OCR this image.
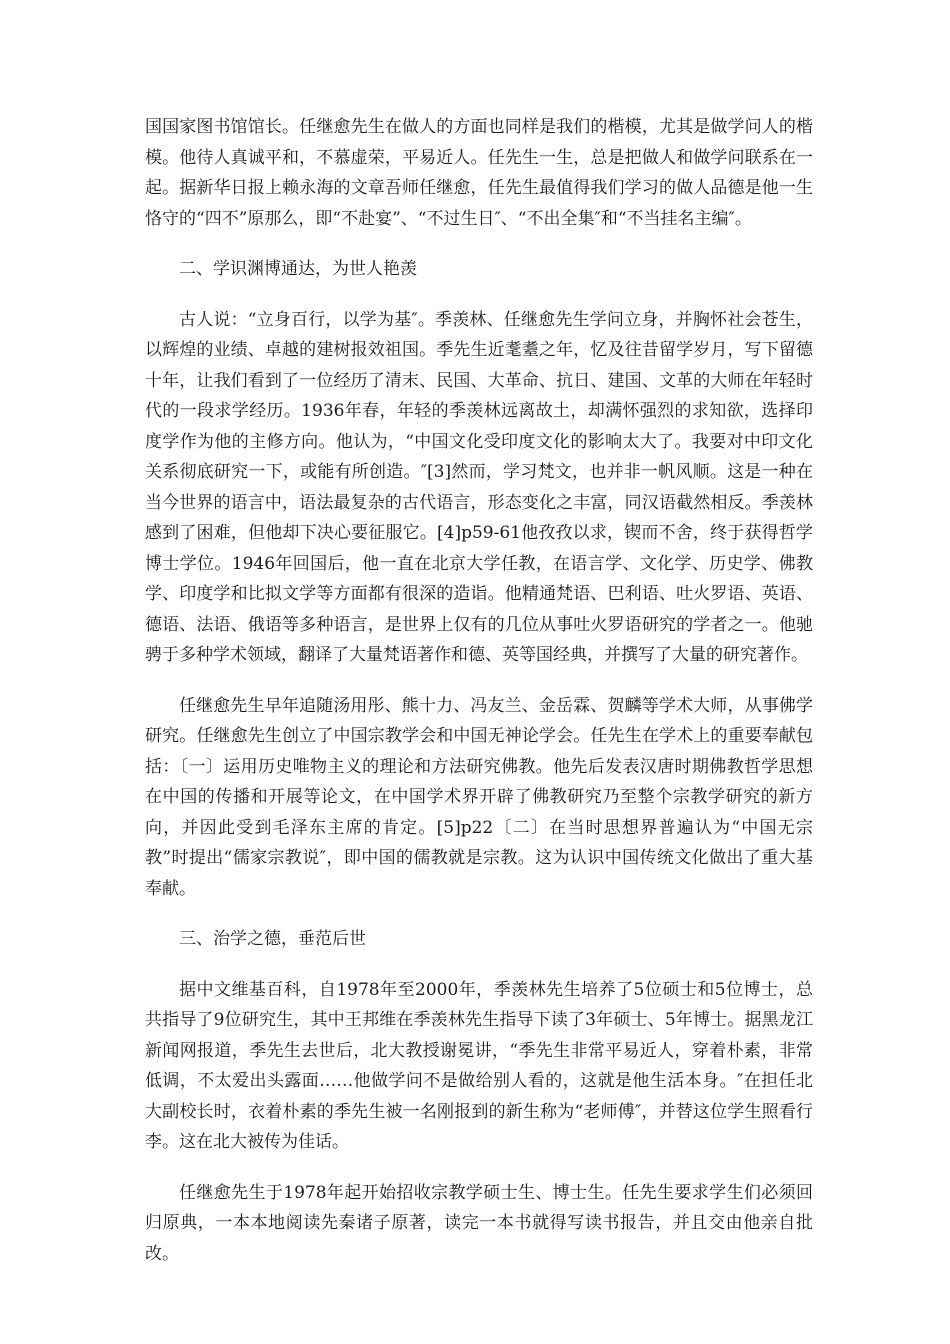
国国家图书馆馆长。任继愈先生在做人的方面也同样是我们的楷模，尤其是做学问人的楷模。他待人真诚平和，不慕虚荣，平易近人。任先生一生，总是把做人和做学问联系在一起。据新华日报上赖永海的文章吾师任继愈，任先生最值得我们学习的做人品德是他一生恪守的“四不”原那么，即“不赴宴”、“不过生日″、“不出全集″和“不当挂名主编″。

二、学识渊博通达，为世人艳羡

古人说：“立身百行，以学为基″。季羡林、任继愈先生学问立身，并胸怀社会苍生，以辉煌的业绩、卓越的建树报效祖国。季先生近耄耋之年，忆及往昔留学岁月，写下留德十年，让我们看到了一位经历了清末、民国、大革命、抗日、建国、文革的大师在年轻时代的一段求学经历。1936年春，年轻的季羡林远离故土，却满怀强烈的求知欲，选择印度学作为他的主修方向。他认为，“中国文化受印度文化的影响太大了。我要对中印文化关系彻底研究一下，或能有所创造。″[3]然而，学习梵文，也并非一帆风顺。这是一种在当今世界的语言中，语法最复杂的古代语言，形态变化之丰富，同汉语截然相反。季羡林感到了困难，但他却下决心要征服它。[4]p59-61他孜孜以求，锲而不舍，终于获得哲学博士学位。1946年回国后，他一直在北京大学任教，在语言学、文化学、历史学、佛教学、印度学和比拟文学等方面都有很深的造诣。他精通梵语、巴利语、吐火罗语、英语、德语、法语、俄语等多种语言，是世界上仅有的几位从事吐火罗语研究的学者之一。他驰骋于多种学术领域，翻译了大量梵语著作和德、英等国经典，并撰写了大量的研究著作。

任继愈先生早年追随汤用彤、熊十力、冯友兰、金岳霖、贺麟等学术大师，从事佛学研究。任继愈先生创立了中国宗教学会和中国无神论学会。任先生在学术上的重要奉献包括：〔一〕运用历史唯物主义的理论和方法研究佛教。他先后发表汉唐时期佛教哲学思想在中国的传播和开展等论文，在中国学术界开辟了佛教研究乃至整个宗教学研究的新方向，并因此受到毛泽东主席的肯定。[5]p22〔二〕在当时思想界普遍认为“中国无宗教”时提出“儒家宗教说″，即中国的儒教就是宗教。这为认识中国传统文化做出了重大基奉献。

三、治学之德，垂范后世

据中文维基百科，自1978年至2000年，季羡林先生培养了5位硕士和5位博士，总共指导了9位研究生，其中王邦维在季羡林先生指导下读了3年硕士、5年博士。据黑龙江新闻网报道，季先生去世后，北大教授谢冕讲，“季先生非常平易近人，穿着朴素，非常低调，不太爱出头露面……他做学问不是做给别人看的，这就是他生活本身。″在担任北大副校长时，衣着朴素的季先生被一名刚报到的新生称为“老师傅″，并替这位学生照看行李。这在北大被传为佳话。

任继愈先生于1978年起开始招收宗教学硕士生、博士生。任先生要求学生们必须回归原典，一本本地阅读先秦诸子原著，读完一本书就得写读书报告，并且交由他亲自批改。
